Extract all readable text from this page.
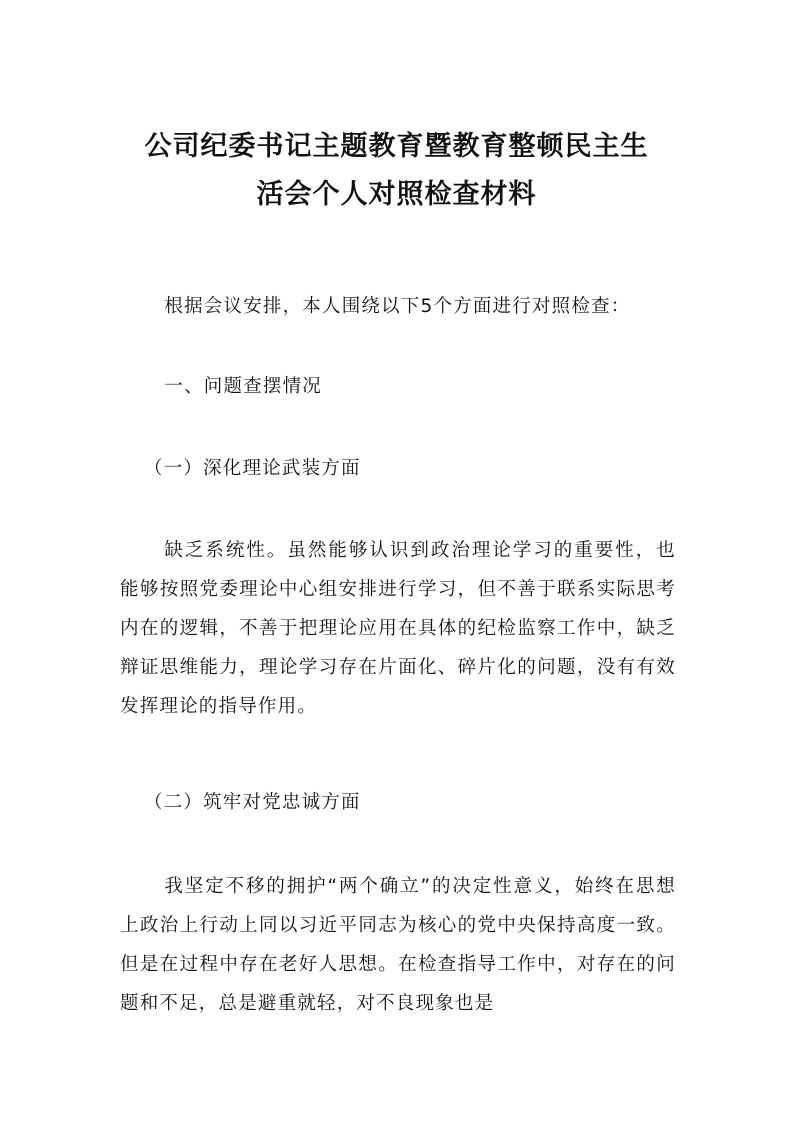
公司纪委书记主题教育暨教育整顿民主生
活会个人对照检查材料

根据会议安排，本人围绕以下5个方面进行对照检查：

一、问题查摆情况

（一）深化理论武装方面

缺乏系统性。虽然能够认识到政治理论学习的重要性，也能够按照党委理论中心组安排进行学习，但不善于联系实际思考内在的逻辑，不善于把理论应用在具体的纪检监察工作中，缺乏辩证思维能力，理论学习存在片面化、碎片化的问题，没有有效发挥理论的指导作用。

（二）筑牢对党忠诚方面

我坚定不移的拥护“两个确立”的决定性意义，始终在思想上政治上行动上同以习近平同志为核心的党中央保持高度一致。但是在过程中存在老好人思想。在检查指导工作中，对存在的问题和不足，总是避重就轻，对不良现象也是
